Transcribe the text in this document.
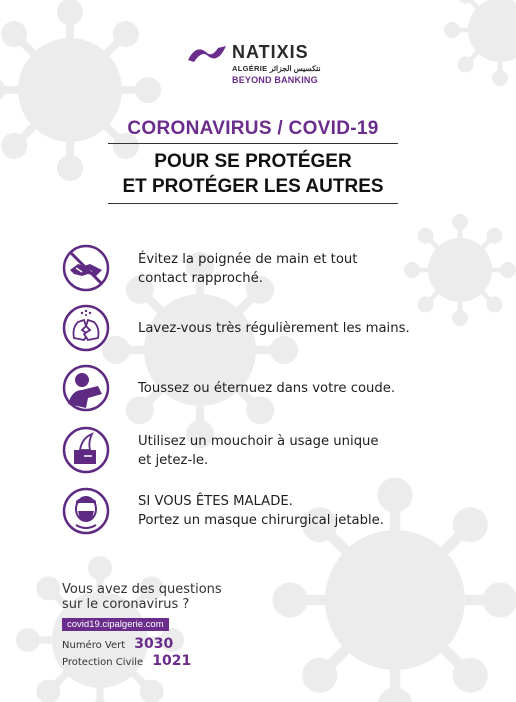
NATIXIS
ALGÉRIE نتكسيس الجزائر
BEYOND BANKING
CORONAVIRUS / COVID-19
POUR SE PROTÉGER
ET PROTÉGER LES AUTRES
Évitez la poignée de main et tout
contact rapproché.
Lavez-vous très régulièrement les mains.
Toussez ou éternuez dans votre coude.
Utilisez un mouchoir à usage unique
et jetez-le.
SI VOUS ÊTES MALADE.
Portez un masque chirurgical jetable.
Vous avez des questions
sur le coronavirus ?
covid19.cipalgerie.com
Numéro Vert 3030
Protection Civile 1021
